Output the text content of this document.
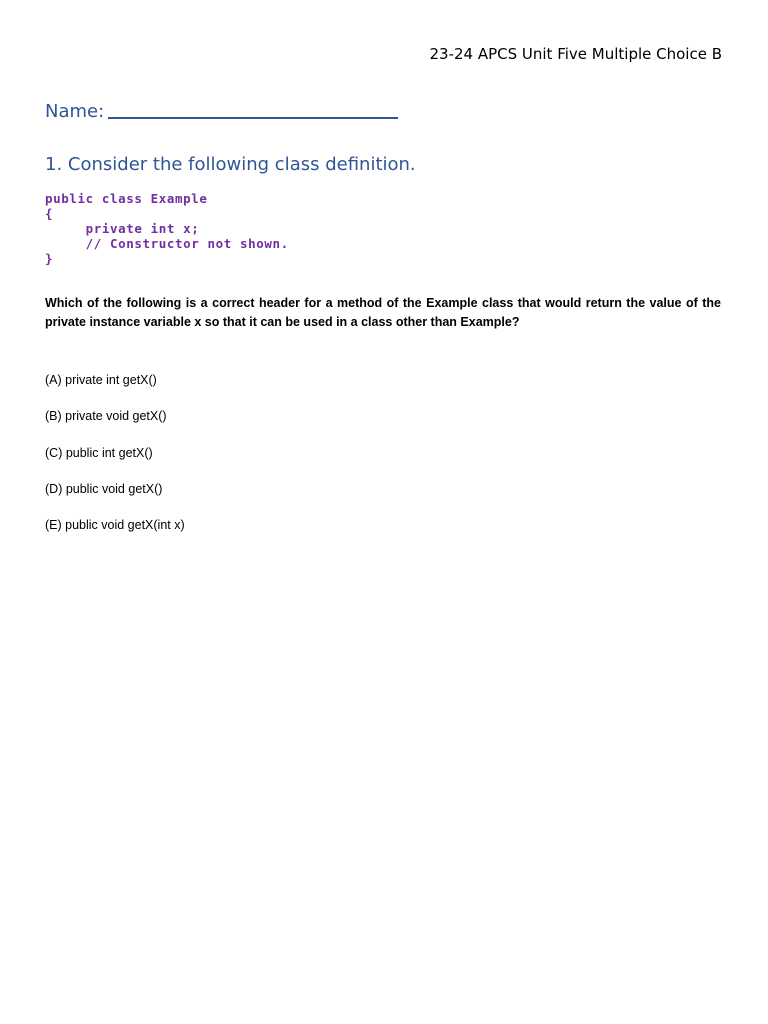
23-24 APCS Unit Five Multiple Choice B
Name:
1. Consider the following class definition.
public class Example
{
private int x;
// Constructor not shown.
}
Which of the following is a correct header for a method of the Example class that would return the value of the private instance variable x so that it can be used in a class other than Example?
(A) private int getX()
(B) private void getX()
(C) public int getX()
(D) public void getX()
(E) public void getX(int x)
